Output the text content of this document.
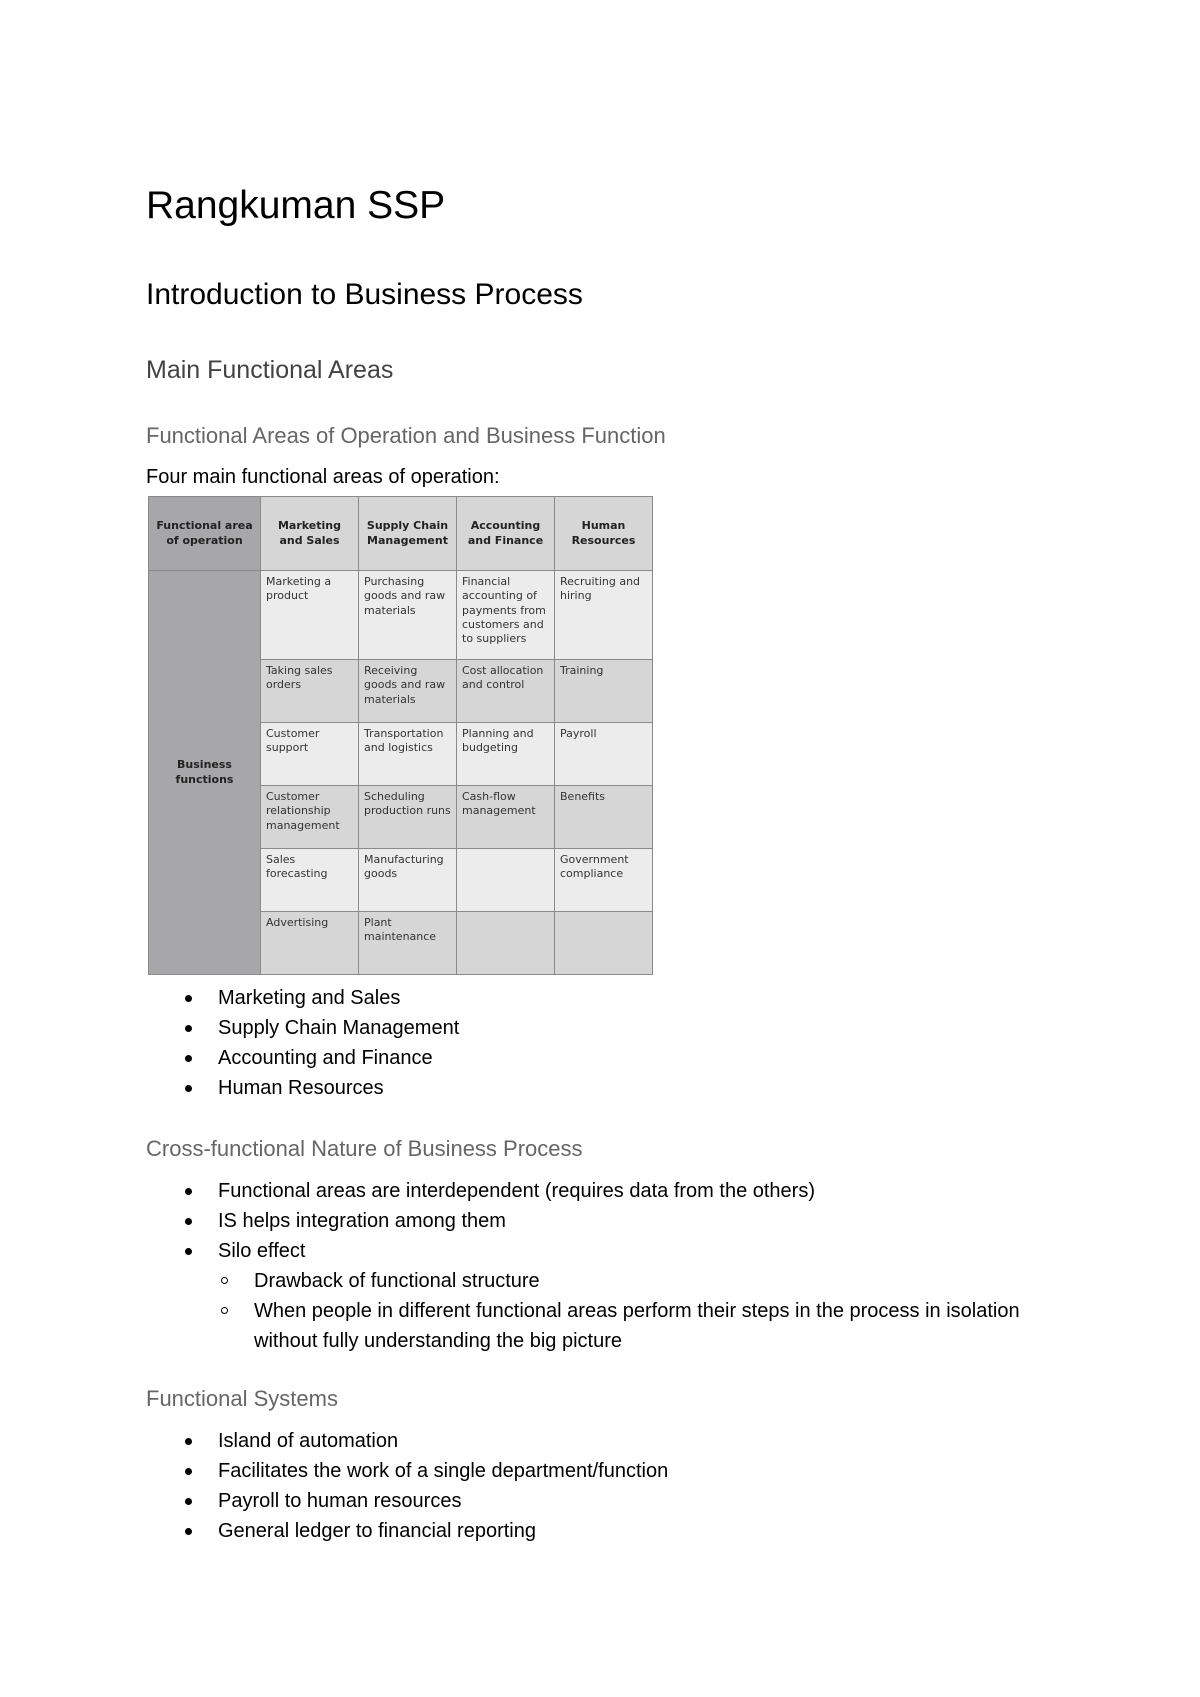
Rangkuman SSP
Introduction to Business Process
Main Functional Areas
Functional Areas of Operation and Business Function

Four main functional areas of operation:

Functional area of operation	Marketing and Sales	Supply Chain Management	Accounting and Finance	Human Resources
Business functions	Marketing a product	Purchasing goods and raw materials	Financial accounting of payments from customers and to suppliers	Recruiting and hiring
	Taking sales orders	Receiving goods and raw materials	Cost allocation and control	Training
	Customer support	Transportation and logistics	Planning and budgeting	Payroll
	Customer relationship management	Scheduling production runs	Cash-flow management	Benefits
	Sales forecasting	Manufacturing goods		Government compliance
	Advertising	Plant maintenance		
Marketing and Sales
Supply Chain Management
Accounting and Finance
Human Resources
Cross-functional Nature of Business Process
Functional areas are interdependent (requires data from the others)
IS helps integration among them
Silo effect
Drawback of functional structure
When people in different functional areas perform their steps in the process in isolation without fully understanding the big picture
Functional Systems
Island of automation
Facilitates the work of a single department/function
Payroll to human resources
General ledger to financial reporting
